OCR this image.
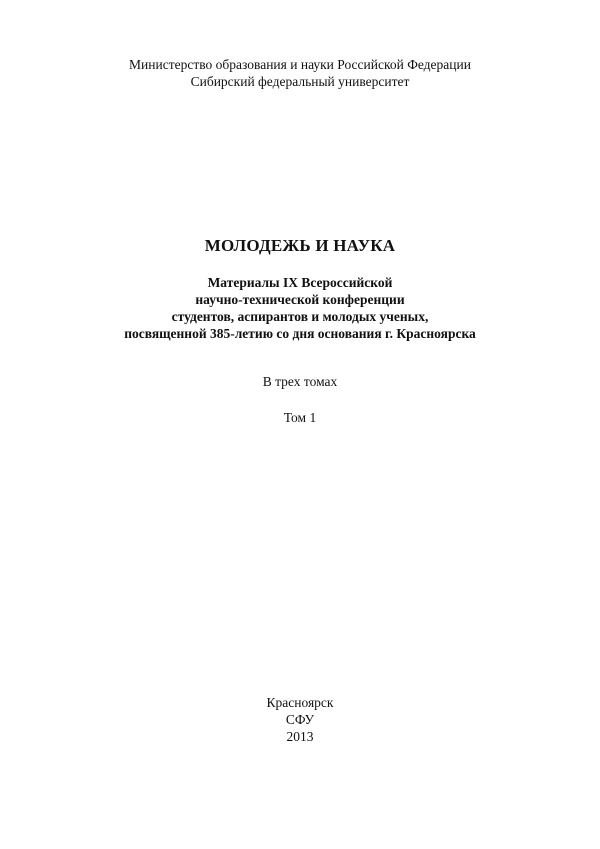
Министерство образования и науки Российской Федерации
Сибирский федеральный университет
МОЛОДЕЖЬ И НАУКА
Материалы IX Всероссийской
научно-технической конференции
студентов, аспирантов и молодых ученых,
посвященной 385-летию со дня основания г. Красноярска
В трех томах
Том 1
Красноярск
СФУ
2013
